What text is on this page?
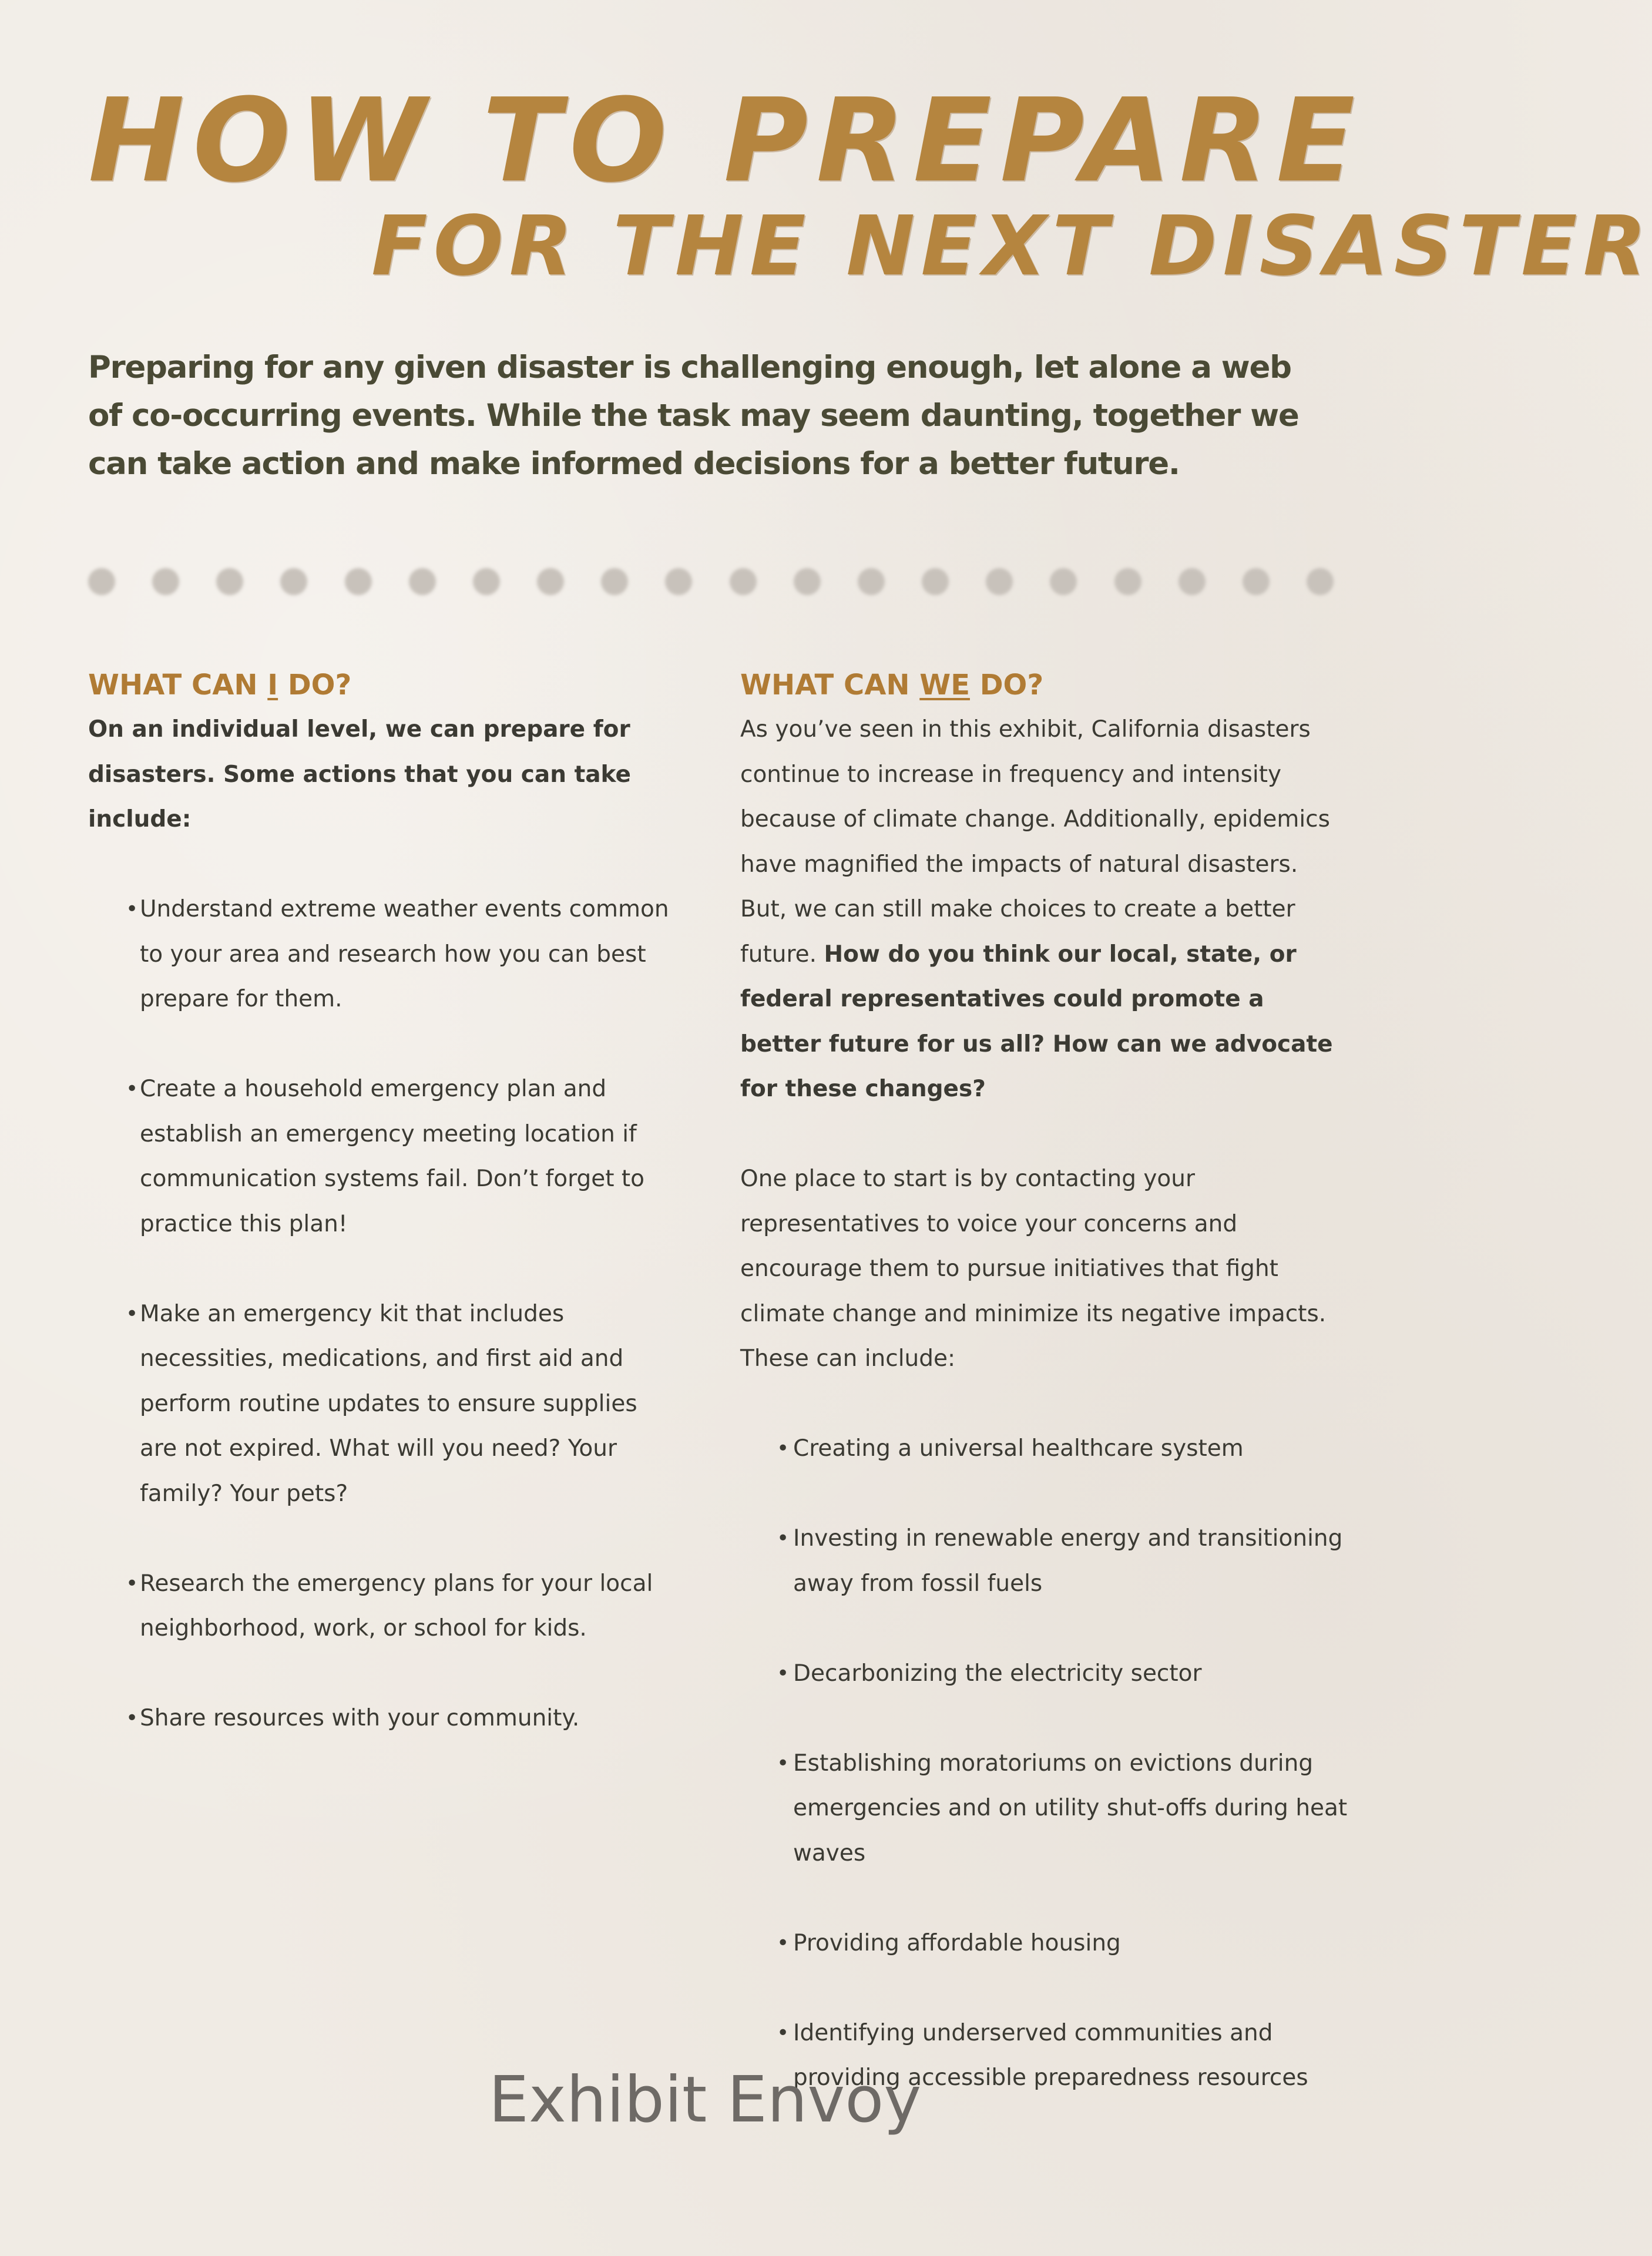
HOW TO PREPARE
FOR THE NEXT DISASTER

Preparing for any given disaster is challenging enough, let alone a web of co-occurring events. While the task may seem daunting, together we can take action and make informed decisions for a better future.

WHAT CAN I DO?

On an individual level, we can prepare for disasters. Some actions that you can take include:

• Understand extreme weather events common to your area and research how you can best prepare for them.
• Create a household emergency plan and establish an emergency meeting location if communication systems fail. Don’t forget to practice this plan!
• Make an emergency kit that includes necessities, medications, and first aid and perform routine updates to ensure supplies are not expired. What will you need? Your family? Your pets?
• Research the emergency plans for your local neighborhood, work, or school for kids.
• Share resources with your community.
WHAT CAN WE DO?

As you’ve seen in this exhibit, California disasters continue to increase in frequency and intensity because of climate change. Additionally, epidemics have magnified the impacts of natural disasters. But, we can still make choices to create a better future. How do you think our local, state, or federal representatives could promote a better future for us all? How can we advocate for these changes?

One place to start is by contacting your representatives to voice your concerns and encourage them to pursue initiatives that fight climate change and minimize its negative impacts. These can include:

• Creating a universal healthcare system
• Investing in renewable energy and transitioning away from fossil fuels
• Decarbonizing the electricity sector
• Establishing moratoriums on evictions during emergencies and on utility shut-offs during heat waves
• Providing affordable housing
• Identifying underserved communities and providing accessible preparedness resources

Exhibit Envoy
